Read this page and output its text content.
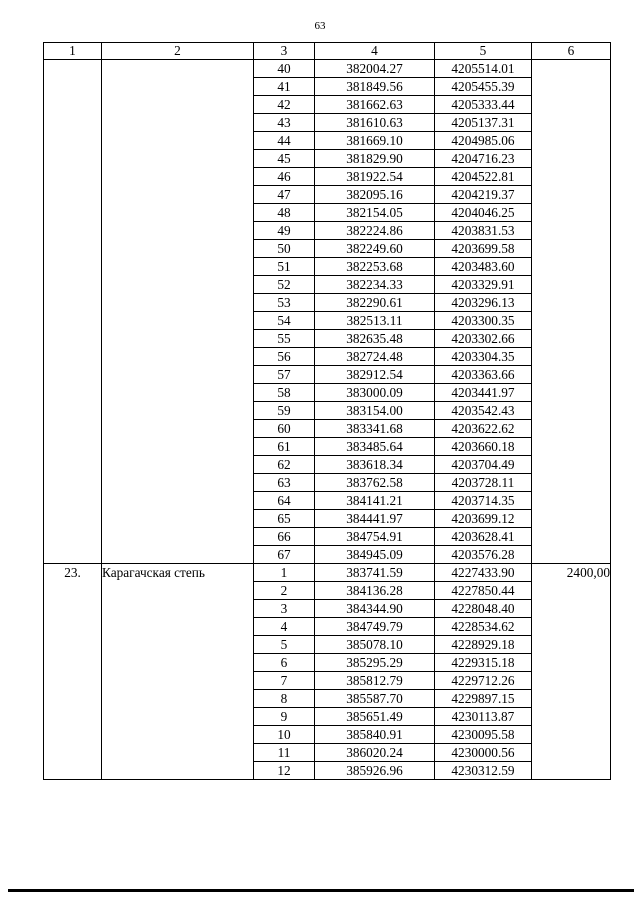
63
1	2	3	4	5	6
		40	382004.27	4205514.01	
		41	381849.56	4205455.39	
		42	381662.63	4205333.44	
		43	381610.63	4205137.31	
		44	381669.10	4204985.06	
		45	381829.90	4204716.23	
		46	381922.54	4204522.81	
		47	382095.16	4204219.37	
		48	382154.05	4204046.25	
		49	382224.86	4203831.53	
		50	382249.60	4203699.58	
		51	382253.68	4203483.60	
		52	382234.33	4203329.91	
		53	382290.61	4203296.13	
		54	382513.11	4203300.35	
		55	382635.48	4203302.66	
		56	382724.48	4203304.35	
		57	382912.54	4203363.66	
		58	383000.09	4203441.97	
		59	383154.00	4203542.43	
		60	383341.68	4203622.62	
		61	383485.64	4203660.18	
		62	383618.34	4203704.49	
		63	383762.58	4203728.11	
		64	384141.21	4203714.35	
		65	384441.97	4203699.12	
		66	384754.91	4203628.41	
		67	384945.09	4203576.28	
23.	Карагачская степь	1	383741.59	4227433.90	2400,00
		2	384136.28	4227850.44	
		3	384344.90	4228048.40	
		4	384749.79	4228534.62	
		5	385078.10	4228929.18	
		6	385295.29	4229315.18	
		7	385812.79	4229712.26	
		8	385587.70	4229897.15	
		9	385651.49	4230113.87	
		10	385840.91	4230095.58	
		11	386020.24	4230000.56	
		12	385926.96	4230312.59	
